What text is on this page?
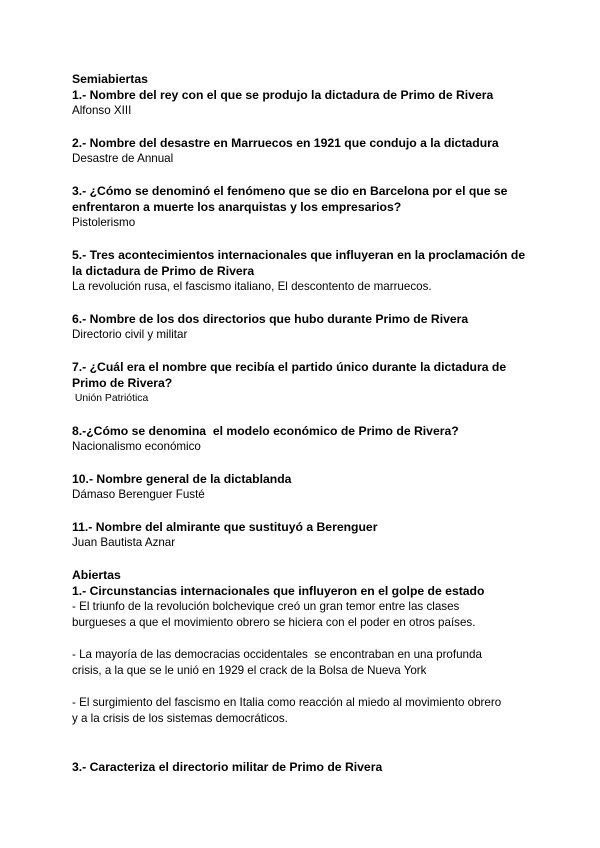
Semiabiertas

1.- Nombre del rey con el que se produjo la dictadura de Primo de Rivera

Alfonso XIII

2.- Nombre del desastre en Marruecos en 1921 que condujo a la dictadura

Desastre de Annual

3.- ¿Cómo se denominó el fenómeno que se dio en Barcelona por el que se

enfrentaron a muerte los anarquistas y los empresarios?

Pistolerismo

5.- Tres acontecimientos internacionales que influyeran en la proclamación de

la dictadura de Primo de Rivera

La revolución rusa, el fascismo italiano, El descontento de marruecos.

6.- Nombre de los dos directorios que hubo durante Primo de Rivera

Directorio civil y militar

7.- ¿Cuál era el nombre que recibía el partido único durante la dictadura de

Primo de Rivera?

Unión Patriótica

8.-¿Cómo se denomina  el modelo económico de Primo de Rivera?

Nacionalismo económico

10.- Nombre general de la dictablanda

Dámaso Berenguer Fusté

11.- Nombre del almirante que sustituyó a Berenguer

Juan Bautista Aznar

Abiertas

1.- Circunstancias internacionales que influyeron en el golpe de estado

- El triunfo de la revolución bolchevique creó un gran temor entre las clases

burgueses a que el movimiento obrero se hiciera con el poder en otros países.

- La mayoría de las democracias occidentales  se encontraban en una profunda

crisis, a la que se le unió en 1929 el crack de la Bolsa de Nueva York

- El surgimiento del fascismo en Italia como reacción al miedo al movimiento obrero

y a la crisis de los sistemas democráticos.

3.- Caracteriza el directorio militar de Primo de Rivera
